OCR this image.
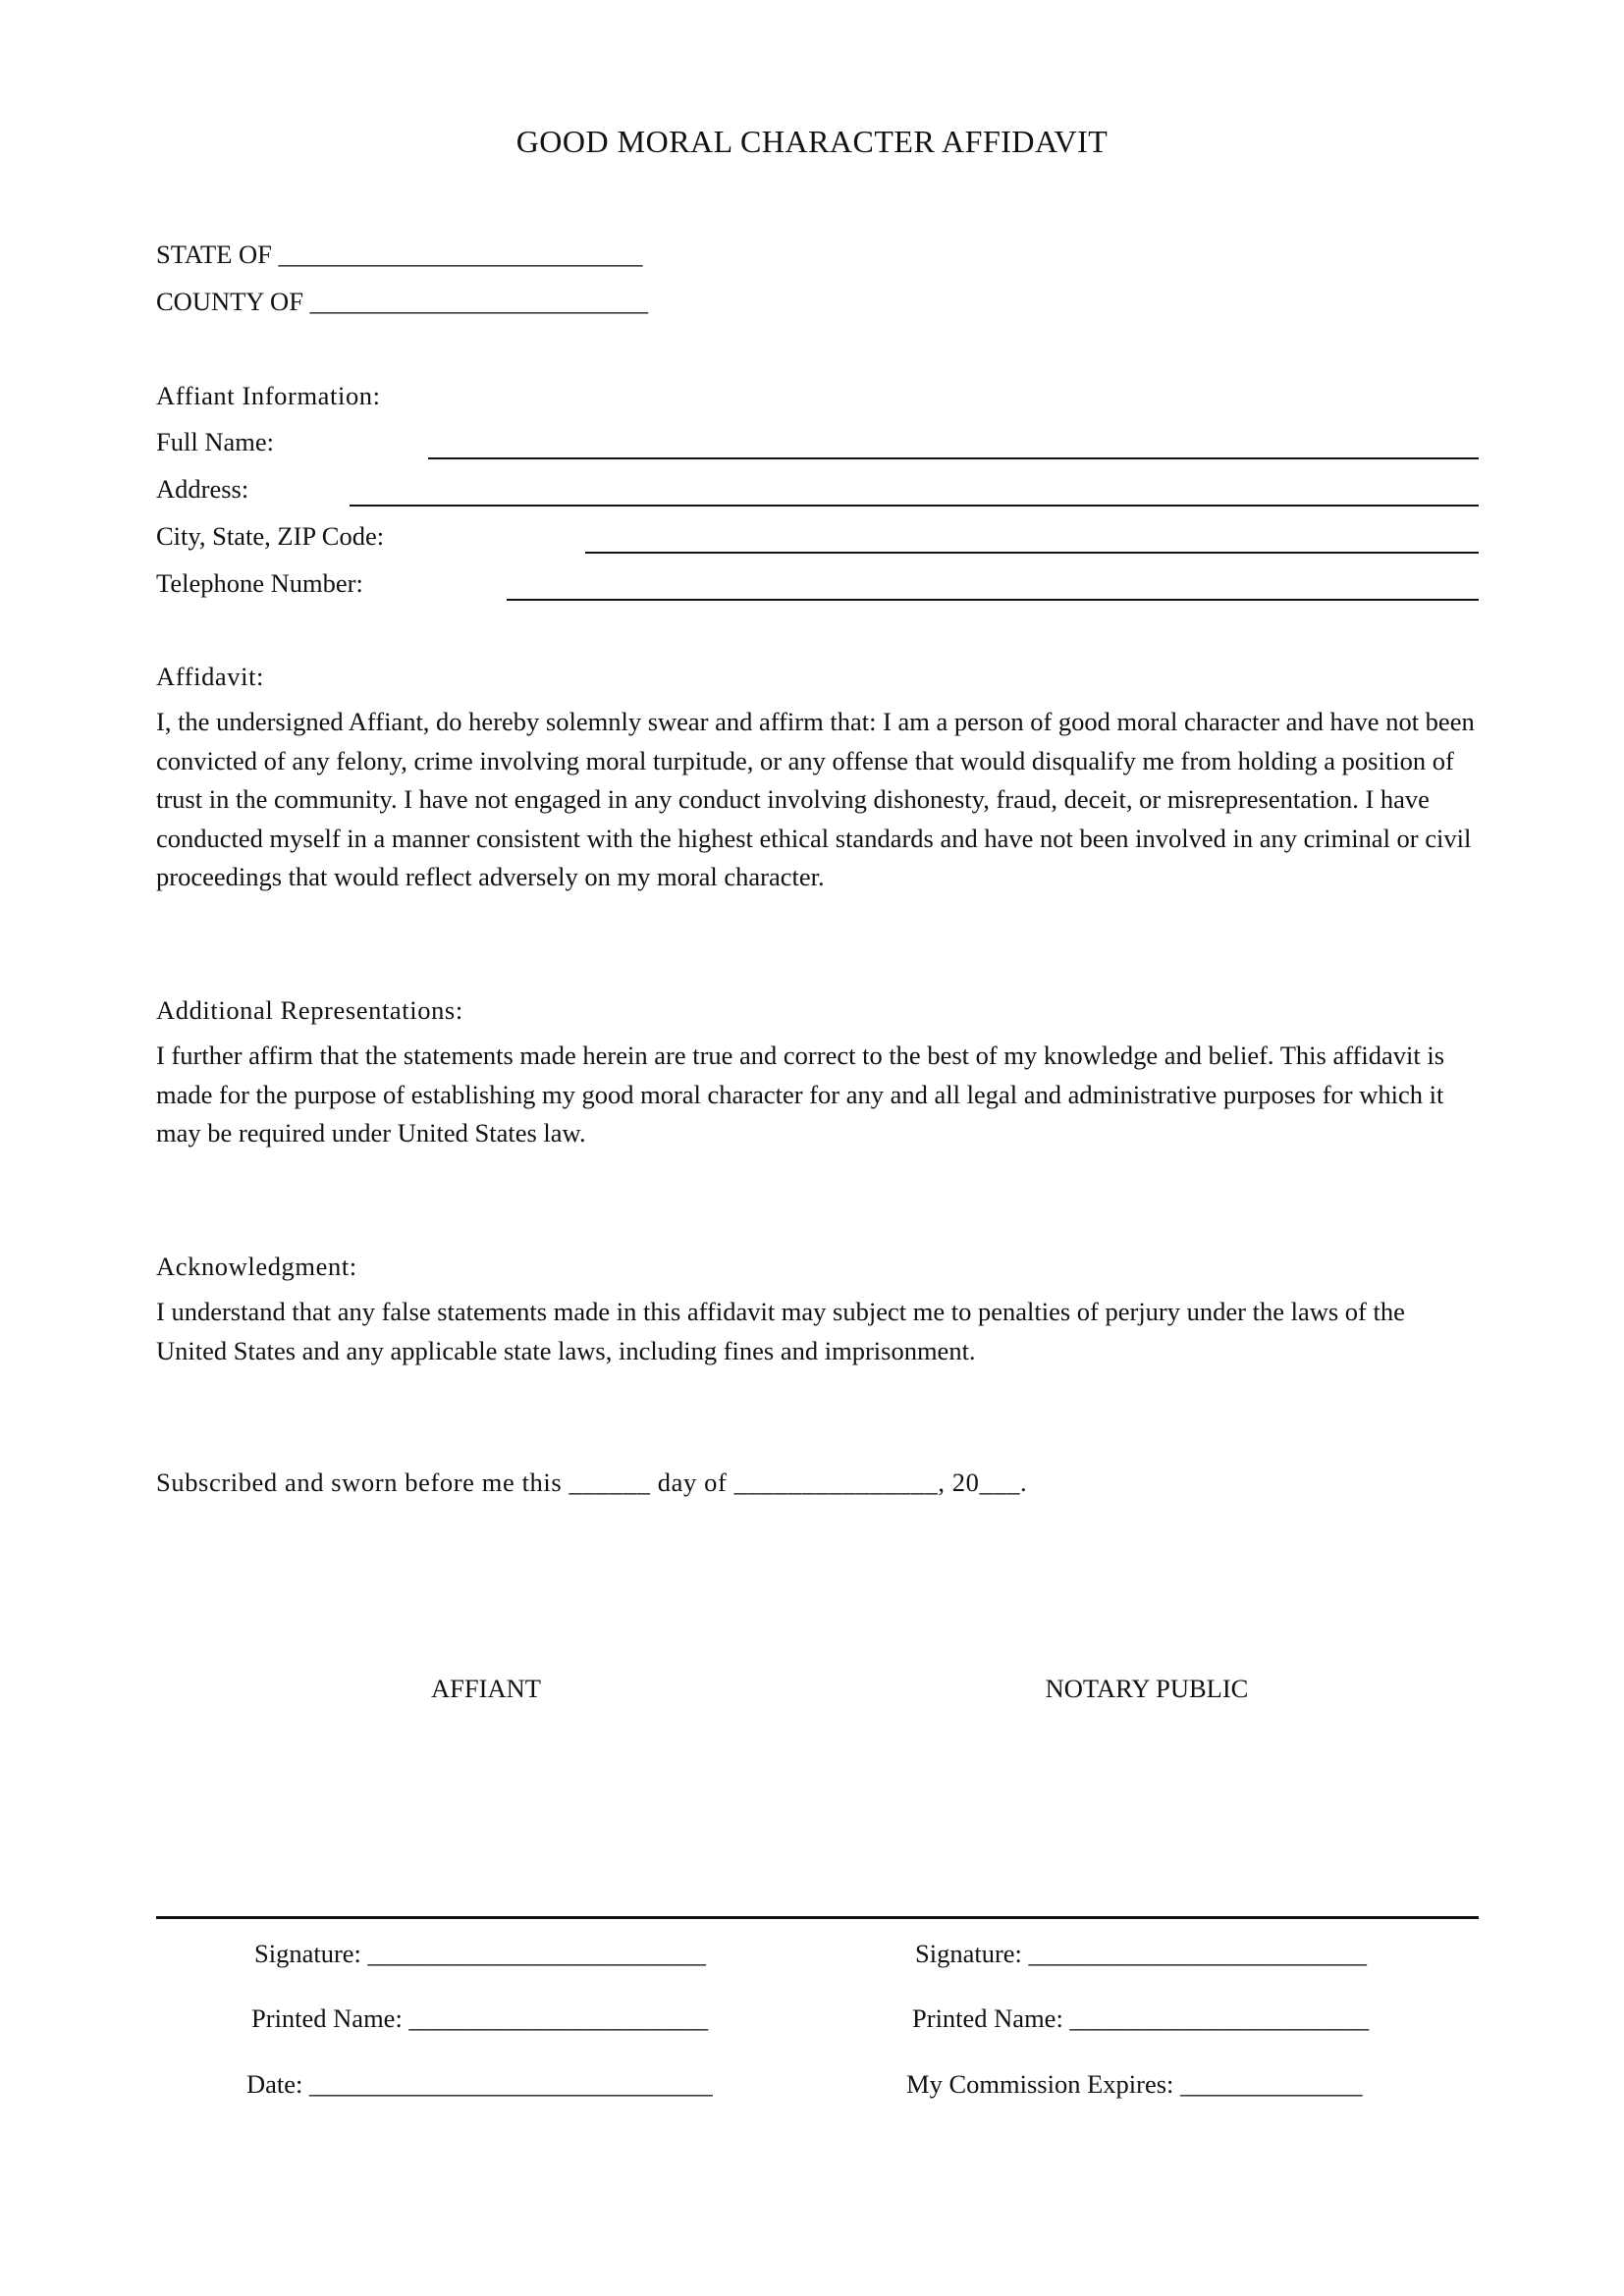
GOOD MORAL CHARACTER AFFIDAVIT
STATE OF ____________________________
COUNTY OF __________________________
Affiant Information:
Full Name:
Address:
City, State, ZIP Code:
Telephone Number:
Affidavit:
I, the undersigned Affiant, do hereby solemnly swear and affirm that: I am a person of good moral character and have not been convicted of any felony, crime involving moral turpitude, or any offense that would disqualify me from holding a position of trust in the community. I have not engaged in any conduct involving dishonesty, fraud, deceit, or misrepresentation. I have conducted myself in a manner consistent with the highest ethical standards and have not been involved in any criminal or civil proceedings that would reflect adversely on my moral character.
Additional Representations:
I further affirm that the statements made herein are true and correct to the best of my knowledge and belief. This affidavit is made for the purpose of establishing my good moral character for any and all legal and administrative purposes for which it may be required under United States law.
Acknowledgment:
I understand that any false statements made in this affidavit may subject me to penalties of perjury under the laws of the United States and any applicable state laws, including fines and imprisonment.
Subscribed and sworn before me this ______ day of _______________, 20___.
AFFIANT	NOTARY PUBLIC
Signature: __________________________
Printed Name: _______________________
Date: _______________________________
Signature: __________________________
Printed Name: _______________________
My Commission Expires: ______________
